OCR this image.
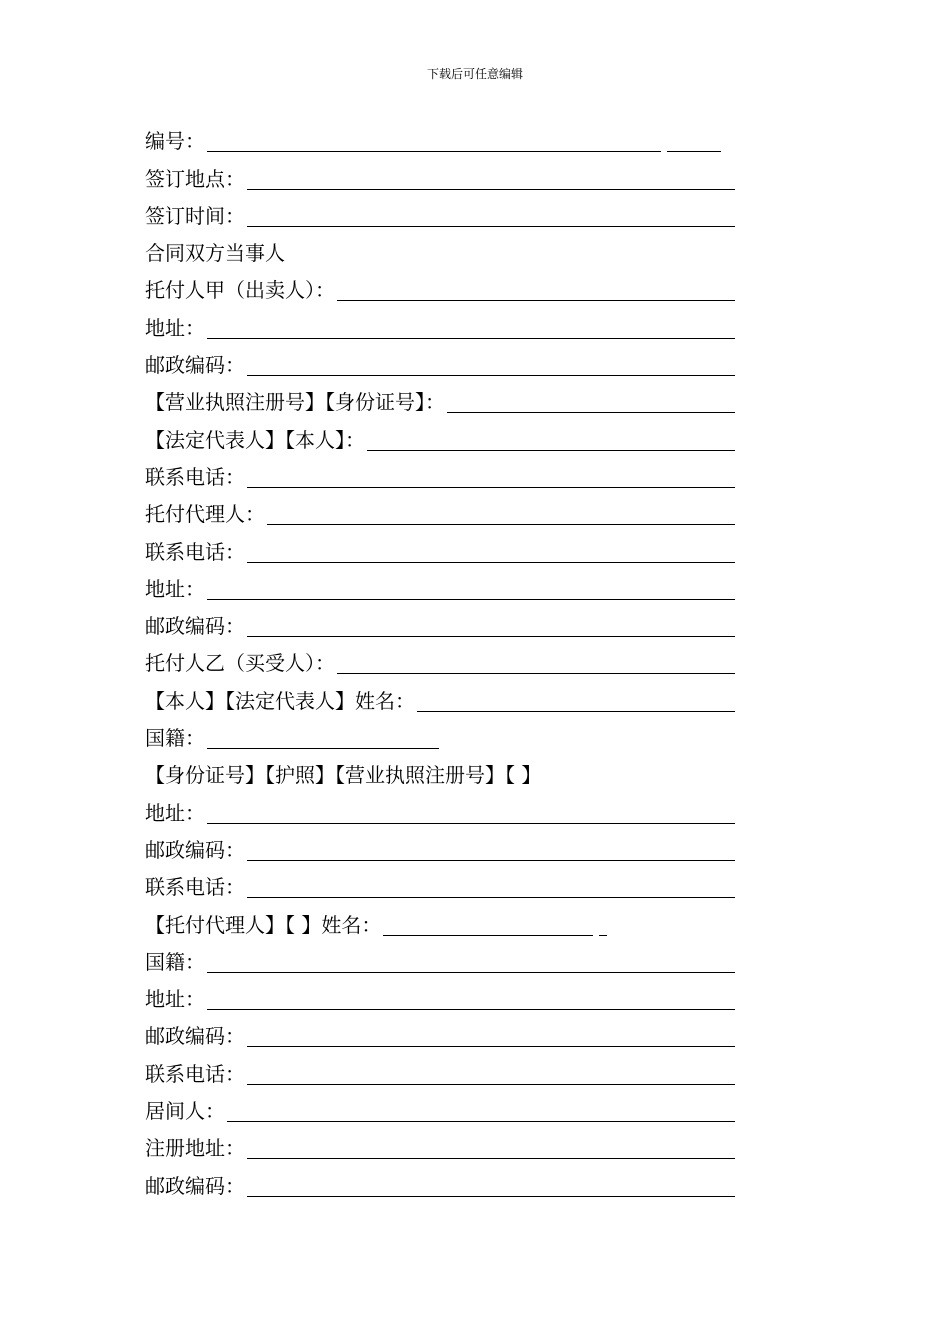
下载后可任意编辑
编号：
签订地点：
签订时间：
合同双方当事人
托付人甲（出卖人）：
地址：
邮政编码：
【营业执照注册号】【身份证号】：
【法定代表人】【本人】：
联系电话：
托付代理人：
联系电话：
地址：
邮政编码：
托付人乙（买受人）：
【本人】【法定代表人】姓名：
国籍：
【身份证号】【护照】【营业执照注册号】【 】
地址：
邮政编码：
联系电话：
【托付代理人】【 】姓名：
国籍：
地址：
邮政编码：
联系电话：
居间人：
注册地址：
邮政编码：
